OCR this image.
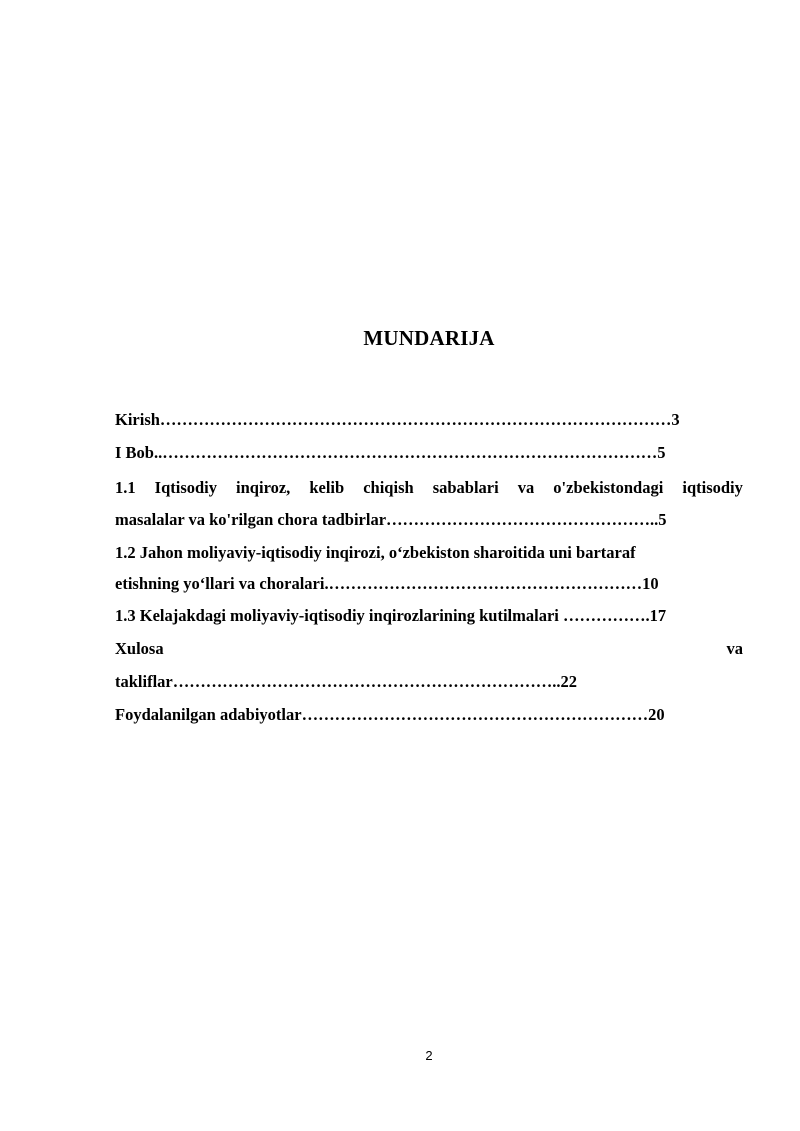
MUNDARIJA
Kirish…………………………………………………………………………………3
I Bob..………………………………………………………………………………5
1.1 Iqtisodiy inqiroz, kelib chiqish sabablari va o'zbekistondagi iqtisodiy
masalalar va ko'rilgan chora tadbirlar…………………………………………..5
1.2 Jahon moliyaviy-iqtisodiy inqirozi, o‘zbekiston sharoitida uni bartaraf
etishning yo‘llari va choralari.…………………………………………………10
1.3 Kelajakdagi moliyaviy-iqtisodiy inqirozlarining kutilmalari …………….17
Xulosa	va
takliflar……………………………………………………………..22
Foydalanilgan adabiyotlar………………………………………………………20
2
